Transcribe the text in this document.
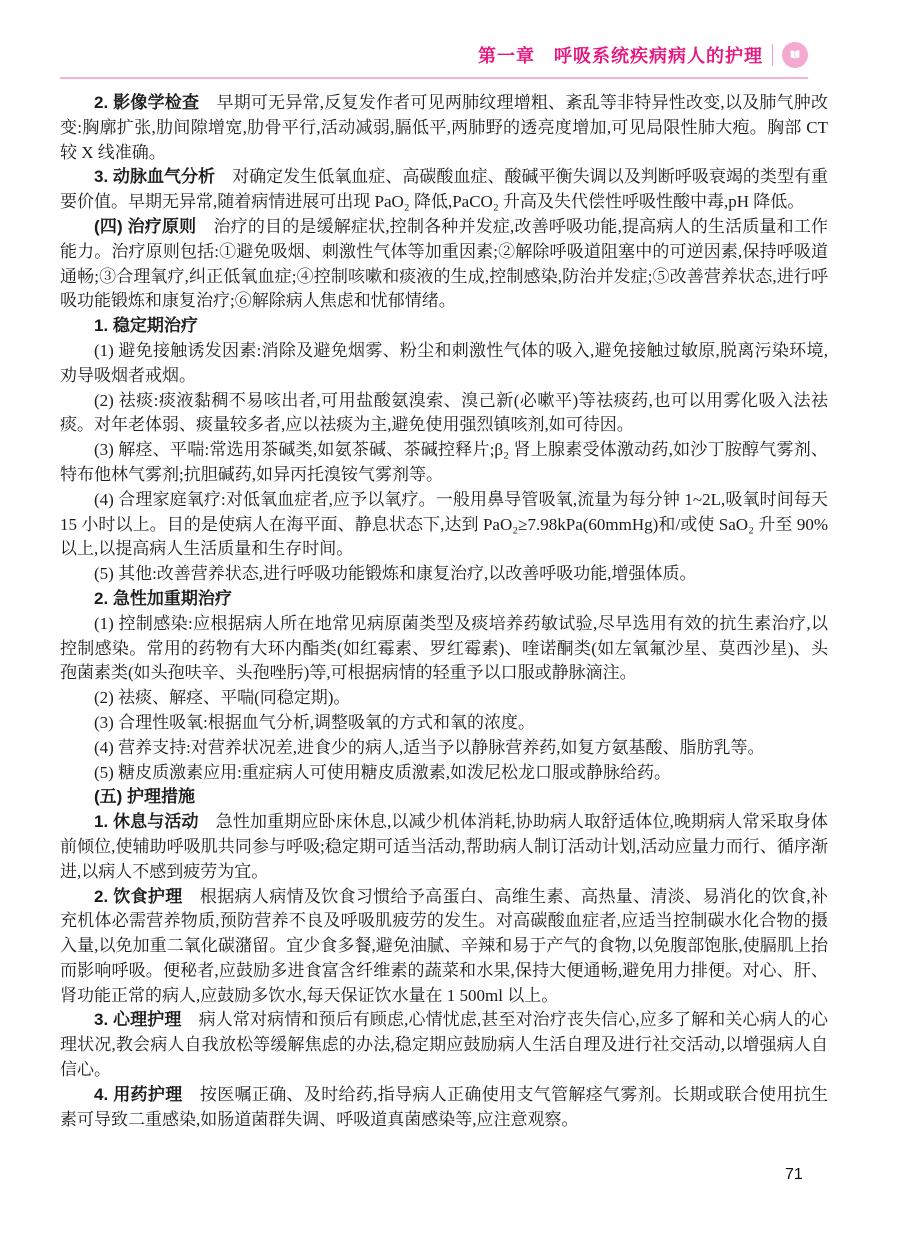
第一章　呼吸系统疾病病人的护理

2. 影像学检查　早期可无异常,反复发作者可见两肺纹理增粗、紊乱等非特异性改变,以及肺气肿改变:胸廓扩张,肋间隙增宽,肋骨平行,活动减弱,膈低平,两肺野的透亮度增加,可见局限性肺大疱。胸部 CT 较 X 线准确。

3. 动脉血气分析　对确定发生低氧血症、高碳酸血症、酸碱平衡失调以及判断呼吸衰竭的类型有重要价值。早期无异常,随着病情进展可出现 PaO₂ 降低,PaCO₂ 升高及失代偿性呼吸性酸中毒,pH 降低。

(四) 治疗原则　治疗的目的是缓解症状,控制各种并发症,改善呼吸功能,提高病人的生活质量和工作能力。治疗原则包括:①避免吸烟、刺激性气体等加重因素;②解除呼吸道阻塞中的可逆因素,保持呼吸道通畅;③合理氧疗,纠正低氧血症;④控制咳嗽和痰液的生成,控制感染,防治并发症;⑤改善营养状态,进行呼吸功能锻炼和康复治疗;⑥解除病人焦虑和忧郁情绪。

1. 稳定期治疗

(1) 避免接触诱发因素:消除及避免烟雾、粉尘和刺激性气体的吸入,避免接触过敏原,脱离污染环境,劝导吸烟者戒烟。

(2) 祛痰:痰液黏稠不易咳出者,可用盐酸氨溴索、溴己新(必嗽平)等祛痰药,也可以用雾化吸入法祛痰。对年老体弱、痰量较多者,应以祛痰为主,避免使用强烈镇咳剂,如可待因。

(3) 解痉、平喘:常选用茶碱类,如氨茶碱、茶碱控释片;β₂ 肾上腺素受体激动药,如沙丁胺醇气雾剂、特布他林气雾剂;抗胆碱药,如异丙托溴铵气雾剂等。

(4) 合理家庭氧疗:对低氧血症者,应予以氧疗。一般用鼻导管吸氧,流量为每分钟 1~2L,吸氧时间每天 15 小时以上。目的是使病人在海平面、静息状态下,达到 PaO₂≥7.98kPa(60mmHg)和/或使 SaO₂ 升至 90%以上,以提高病人生活质量和生存时间。

(5) 其他:改善营养状态,进行呼吸功能锻炼和康复治疗,以改善呼吸功能,增强体质。

2. 急性加重期治疗

(1) 控制感染:应根据病人所在地常见病原菌类型及痰培养药敏试验,尽早选用有效的抗生素治疗,以控制感染。常用的药物有大环内酯类(如红霉素、罗红霉素)、喹诺酮类(如左氧氟沙星、莫西沙星)、头孢菌素类(如头孢呋辛、头孢唑肟)等,可根据病情的轻重予以口服或静脉滴注。

(2) 祛痰、解痉、平喘(同稳定期)。

(3) 合理性吸氧:根据血气分析,调整吸氧的方式和氧的浓度。

(4) 营养支持:对营养状况差,进食少的病人,适当予以静脉营养药,如复方氨基酸、脂肪乳等。

(5) 糖皮质激素应用:重症病人可使用糖皮质激素,如泼尼松龙口服或静脉给药。

(五) 护理措施

1. 休息与活动　急性加重期应卧床休息,以减少机体消耗,协助病人取舒适体位,晚期病人常采取身体前倾位,使辅助呼吸肌共同参与呼吸;稳定期可适当活动,帮助病人制订活动计划,活动应量力而行、循序渐进,以病人不感到疲劳为宜。

2. 饮食护理　根据病人病情及饮食习惯给予高蛋白、高维生素、高热量、清淡、易消化的饮食,补充机体必需营养物质,预防营养不良及呼吸肌疲劳的发生。对高碳酸血症者,应适当控制碳水化合物的摄入量,以免加重二氧化碳潴留。宜少食多餐,避免油腻、辛辣和易于产气的食物,以免腹部饱胀,使膈肌上抬而影响呼吸。便秘者,应鼓励多进食富含纤维素的蔬菜和水果,保持大便通畅,避免用力排便。对心、肝、肾功能正常的病人,应鼓励多饮水,每天保证饮水量在 1 500ml 以上。

3. 心理护理　病人常对病情和预后有顾虑,心情忧虑,甚至对治疗丧失信心,应多了解和关心病人的心理状况,教会病人自我放松等缓解焦虑的办法,稳定期应鼓励病人生活自理及进行社交活动,以增强病人自信心。

4. 用药护理　按医嘱正确、及时给药,指导病人正确使用支气管解痉气雾剂。长期或联合使用抗生素可导致二重感染,如肠道菌群失调、呼吸道真菌感染等,应注意观察。

71
